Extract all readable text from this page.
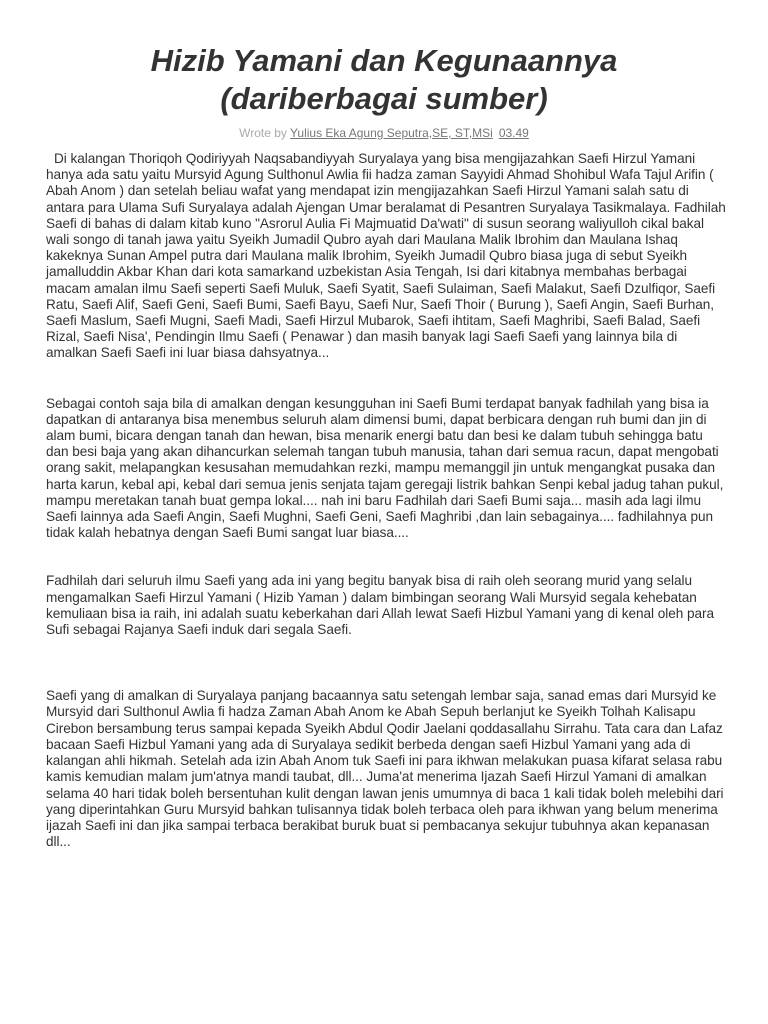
Hizib Yamani dan Kegunaannya
(dariberbagai sumber)
Wrote by Yulius Eka Agung Seputra,SE, ST,MSi 03.49

Di kalangan Thoriqoh Qodiriyyah Naqsabandiyyah Suryalaya yang bisa mengijazahkan Saefi Hirzul Yamani hanya ada satu yaitu Mursyid Agung Sulthonul Awlia fii hadza zaman Sayyidi Ahmad Shohibul Wafa Tajul Arifin ( Abah Anom ) dan setelah beliau wafat yang mendapat izin mengijazahkan Saefi Hirzul Yamani salah satu di antara para Ulama Sufi Suryalaya adalah Ajengan Umar beralamat di Pesantren Suryalaya Tasikmalaya. Fadhilah Saefi di bahas di dalam kitab kuno "Asrorul Aulia Fi Majmuatid Da'wati" di susun seorang waliyulloh cikal bakal wali songo di tanah jawa yaitu Syeikh Jumadil Qubro ayah dari Maulana Malik Ibrohim dan Maulana Ishaq kakeknya Sunan Ampel putra dari Maulana malik Ibrohim, Syeikh Jumadil Qubro biasa juga di sebut Syeikh jamalluddin Akbar Khan dari kota samarkand uzbekistan Asia Tengah, Isi dari kitabnya membahas berbagai macam amalan ilmu Saefi seperti Saefi Muluk, Saefi Syatit, Saefi Sulaiman, Saefi Malakut, Saefi Dzulfiqor, Saefi Ratu, Saefi Alif, Saefi Geni, Saefi Bumi, Saefi Bayu, Saefi Nur, Saefi Thoir ( Burung ), Saefi Angin, Saefi Burhan, Saefi Maslum, Saefi Mugni, Saefi Madi, Saefi Hirzul Mubarok, Saefi ihtitam, Saefi Maghribi, Saefi Balad, Saefi Rizal, Saefi Nisa', Pendingin Ilmu Saefi ( Penawar ) dan masih banyak lagi Saefi Saefi yang lainnya bila di amalkan Saefi Saefi ini luar biasa dahsyatnya...

Sebagai contoh saja bila di amalkan dengan kesungguhan ini Saefi Bumi terdapat banyak fadhilah yang bisa ia dapatkan di antaranya bisa menembus seluruh alam dimensi bumi, dapat berbicara dengan ruh bumi dan jin di alam bumi, bicara dengan tanah dan hewan, bisa menarik energi batu dan besi ke dalam tubuh sehingga batu dan besi baja yang akan dihancurkan selemah tangan tubuh manusia, tahan dari semua racun, dapat mengobati orang sakit, melapangkan kesusahan memudahkan rezki, mampu memanggil jin untuk mengangkat pusaka dan harta karun, kebal api, kebal dari semua jenis senjata tajam geregaji listrik bahkan Senpi kebal jadug tahan pukul, mampu meretakan tanah buat gempa lokal.... nah ini baru Fadhilah dari Saefi Bumi saja... masih ada lagi ilmu Saefi lainnya ada Saefi Angin, Saefi Mughni, Saefi Geni, Saefi Maghribi ,dan lain sebagainya.... fadhilahnya pun tidak kalah hebatnya dengan Saefi Bumi sangat luar biasa....

Fadhilah dari seluruh ilmu Saefi yang ada ini yang begitu banyak bisa di raih oleh seorang murid yang selalu mengamalkan Saefi Hirzul Yamani ( Hizib Yaman ) dalam bimbingan seorang Wali Mursyid segala kehebatan kemuliaan bisa ia raih, ini adalah suatu keberkahan dari Allah lewat Saefi Hizbul Yamani yang di kenal oleh para Sufi sebagai Rajanya Saefi induk dari segala Saefi.

Saefi yang di amalkan di Suryalaya panjang bacaannya satu setengah lembar saja, sanad emas dari Mursyid ke Mursyid dari Sulthonul Awlia fi hadza Zaman Abah Anom ke Abah Sepuh berlanjut ke Syeikh Tolhah Kalisapu Cirebon bersambung terus sampai kepada Syeikh Abdul Qodir Jaelani qoddasallahu Sirrahu. Tata cara dan Lafaz bacaan Saefi Hizbul Yamani yang ada di Suryalaya sedikit berbeda dengan saefi Hizbul Yamani yang ada di kalangan ahli hikmah. Setelah ada izin Abah Anom tuk Saefi ini para ikhwan melakukan puasa kifarat selasa rabu kamis kemudian malam jum'atnya mandi taubat, dll... Juma'at menerima Ijazah Saefi Hirzul Yamani di amalkan selama 40 hari tidak boleh bersentuhan kulit dengan lawan jenis umumnya di baca 1 kali tidak boleh melebihi dari yang diperintahkan Guru Mursyid bahkan tulisannya tidak boleh terbaca oleh para ikhwan yang belum menerima ijazah Saefi ini dan jika sampai terbaca berakibat buruk buat si pembacanya sekujur tubuhnya akan kepanasan dll...
